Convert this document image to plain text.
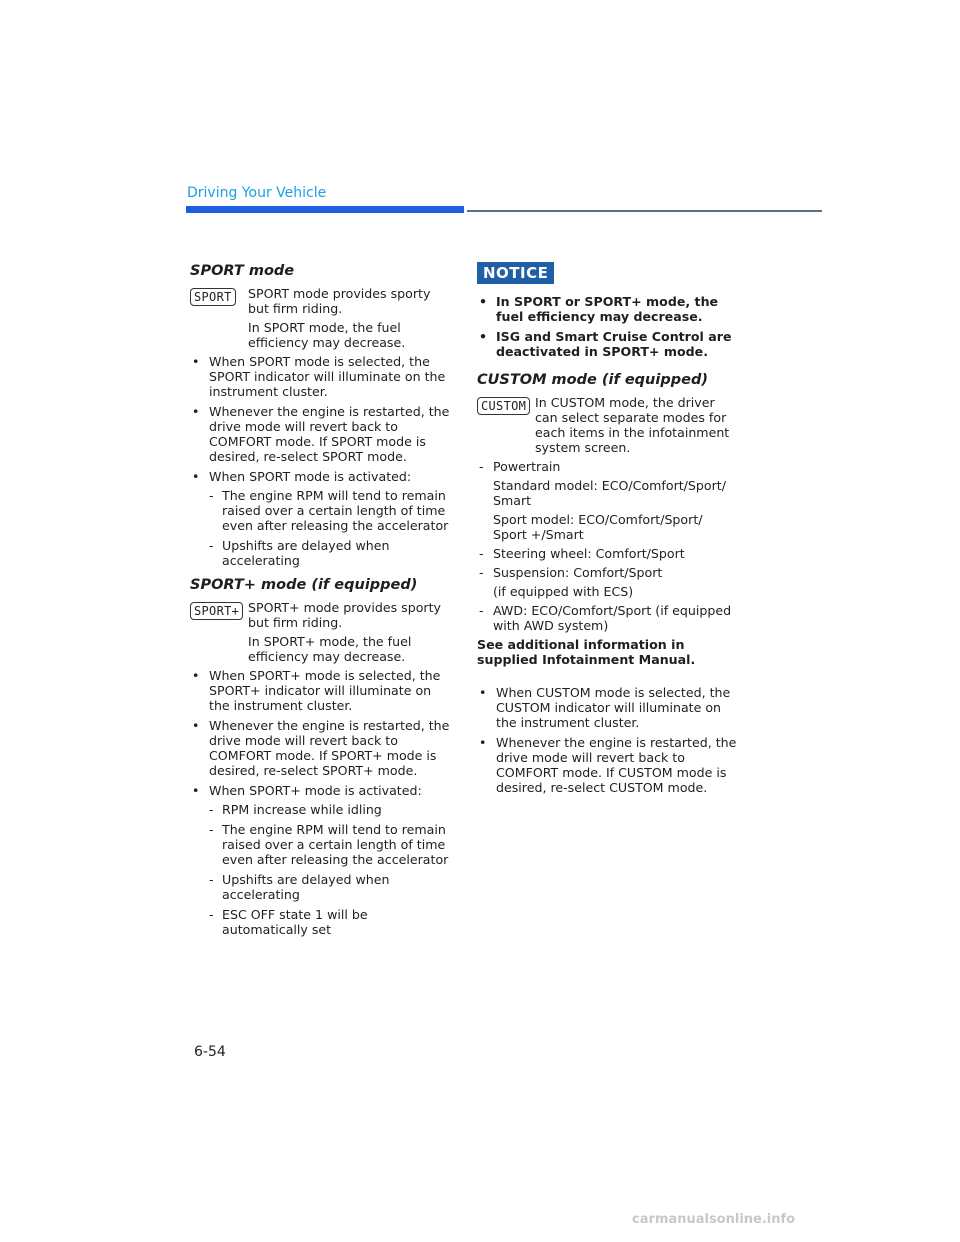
Driving Your Vehicle
SPORT mode
SPORT	SPORT mode provides sporty but firm riding.

In SPORT mode, the fuel efficiency may decrease.

• When SPORT mode is selected, the SPORT indicator will illuminate on the instrument cluster.
• Whenever the engine is restarted, the drive mode will revert back to COMFORT mode. If SPORT mode is desired, re-select SPORT mode.
• When SPORT mode is activated:
- The engine RPM will tend to remain raised over a certain length of time even after releasing the accelerator
- Upshifts are delayed when accelerating
SPORT+ mode (if equipped)
SPORT+ SPORT+ mode provides sporty but firm riding.

In SPORT+ mode, the fuel efficiency may decrease.

• When SPORT+ mode is selected, the SPORT+ indicator will illuminate on the instrument cluster.
• Whenever the engine is restarted, the drive mode will revert back to COMFORT mode. If SPORT+ mode is desired, re-select SPORT+ mode.
• When SPORT+ mode is activated:
- RPM increase while idling
- The engine RPM will tend to remain raised over a certain length of time even after releasing the accelerator
- Upshifts are delayed when accelerating
- ESC OFF state 1 will be automatically set
NOTICE
• In SPORT or SPORT+ mode, the fuel efficiency may decrease.
• ISG and Smart Cruise Control are deactivated in SPORT+ mode.
CUSTOM mode (if equipped)
CUSTOM In CUSTOM mode, the driver can select separate modes for each items in the infotainment system screen.

- Powertrain

Standard model: ECO/Comfort/Sport/ Smart

Sport model: ECO/Comfort/Sport/ Sport +/Smart

- Steering wheel: Comfort/Sport

- Suspension: Comfort/Sport

(if equipped with ECS)

- AWD: ECO/Comfort/Sport (if equipped with AWD system)

See additional information in supplied Infotainment Manual.

• When CUSTOM mode is selected, the CUSTOM indicator will illuminate on the instrument cluster.
• Whenever the engine is restarted, the drive mode will revert back to COMFORT mode. If CUSTOM mode is desired, re-select CUSTOM mode.
6-54
carmanualsonline.info
